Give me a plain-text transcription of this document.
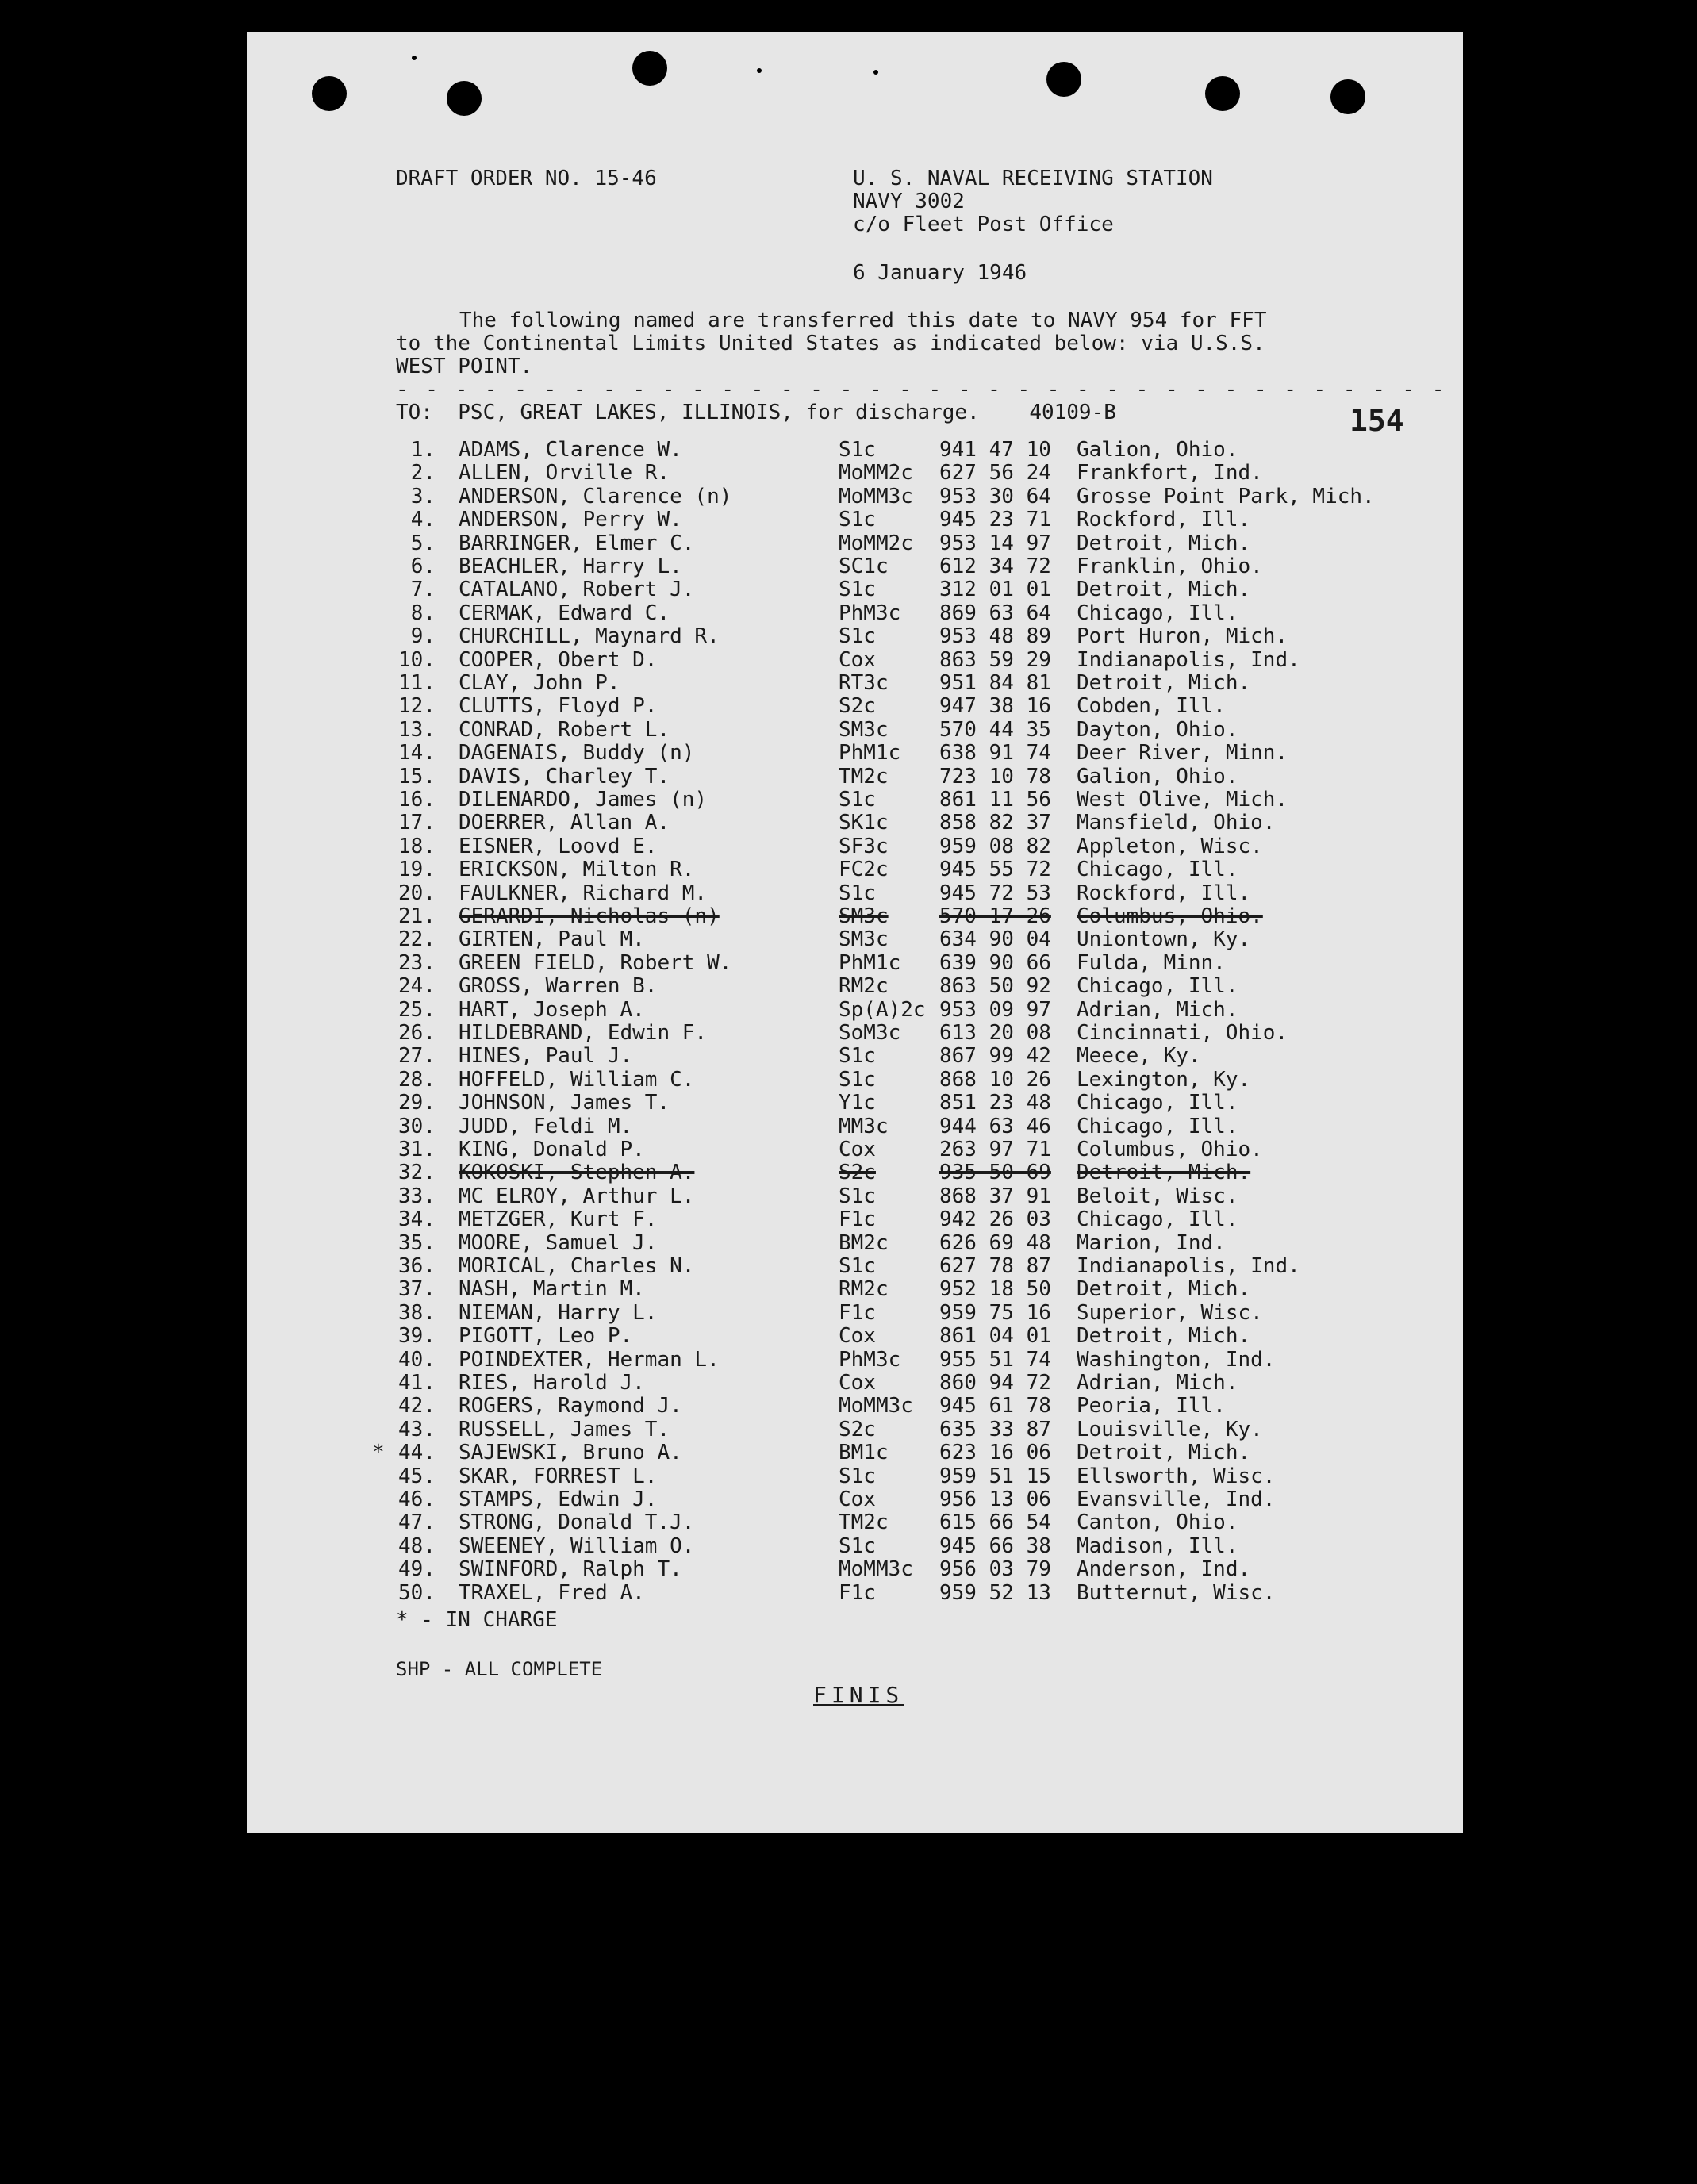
DRAFT ORDER NO. 15-46	U. S. NAVAL RECEIVING STATION
NAVY 3002
c/o Fleet Post Office
6 January 1946
The following named are transferred this date to NAVY 954 for FFT
to the Continental Limits United States as indicated below: via U.S.S.
WEST POINT.
- - - - - - - - - - - - - - - - - - - - - - - - - - - - - - - - - - - -
TO:  PSC, GREAT LAKES, ILLINOIS, for discharge.    40109-B	154
1. ADAMS, Clarence W.	S1c	941 47 10 Galion, Ohio.
2. ALLEN, Orville R.	MoMM2c 627 56 24 Frankfort, Ind.
3. ANDERSON, Clarence (n)	MoMM3c 953 30 64 Grosse Point Park, Mich.
4. ANDERSON, Perry W.	S1c	945 23 71 Rockford, Ill.
5. BARRINGER, Elmer C.	MoMM2c 953 14 97 Detroit, Mich.
6. BEACHLER, Harry L.	SC1c 612 34 72 Franklin, Ohio.
7. CATALANO, Robert J.	S1c	312 01 01 Detroit, Mich.
8. CERMAK, Edward C.	PhM3c 869 63 64 Chicago, Ill.
9. CHURCHILL, Maynard R.	S1c	953 48 89 Port Huron, Mich.
10. COOPER, Obert D.	Cox	863 59 29 Indianapolis, Ind.
11. CLAY, John P.	RT3c 951 84 81 Detroit, Mich.
12. CLUTTS, Floyd P.	S2c	947 38 16 Cobden, Ill.
13. CONRAD, Robert L.	SM3c 570 44 35 Dayton, Ohio.
14. DAGENAIS, Buddy (n)	PhM1c 638 91 74 Deer River, Minn.
15. DAVIS, Charley T.	TM2c 723 10 78 Galion, Ohio.
16. DILENARDO, James (n)	S1c	861 11 56 West Olive, Mich.
17. DOERRER, Allan A.	SK1c 858 82 37 Mansfield, Ohio.
18. EISNER, Loovd E.	SF3c 959 08 82 Appleton, Wisc.
19. ERICKSON, Milton R.	FC2c 945 55 72 Chicago, Ill.
20. FAULKNER, Richard M.	S1c	945 72 53 Rockford, Ill.
21. GERARDI, Nicholas (n)	SM3c 570 17 26 Columbus, Ohio.
22. GIRTEN, Paul M.	SM3c 634 90 04 Uniontown, Ky.
23. GREEN FIELD, Robert W.	PhM1c 639 90 66 Fulda, Minn.
24. GROSS, Warren B.	RM2c 863 50 92 Chicago, Ill.
25. HART, Joseph A.	Sp(A)2c 953 09 97 Adrian, Mich.
26. HILDEBRAND, Edwin F.	SoM3c 613 20 08 Cincinnati, Ohio.
27. HINES, Paul J.	S1c	867 99 42 Meece, Ky.
28. HOFFELD, William C.	S1c	868 10 26 Lexington, Ky.
29. JOHNSON, James T.	Y1c	851 23 48 Chicago, Ill.
30. JUDD, Feldi M.	MM3c 944 63 46 Chicago, Ill.
31. KING, Donald P.	Cox	263 97 71 Columbus, Ohio.
32. KOKOSKI, Stephen A.	S2c	935 50 69 Detroit, Mich.
33. MC ELROY, Arthur L.	S1c	868 37 91 Beloit, Wisc.
34. METZGER, Kurt F.	F1c	942 26 03 Chicago, Ill.
35. MOORE, Samuel J.	BM2c 626 69 48 Marion, Ind.
36. MORICAL, Charles N.	S1c	627 78 87 Indianapolis, Ind.
37. NASH, Martin M.	RM2c 952 18 50 Detroit, Mich.
38. NIEMAN, Harry L.	F1c	959 75 16 Superior, Wisc.
39. PIGOTT, Leo P.	Cox	861 04 01 Detroit, Mich.
40. POINDEXTER, Herman L.	PhM3c 955 51 74 Washington, Ind.
41. RIES, Harold J.	Cox	860 94 72 Adrian, Mich.
42. ROGERS, Raymond J.	MoMM3c 945 61 78 Peoria, Ill.
43. RUSSELL, James T.	S2c	635 33 87 Louisville, Ky.
* 44. SAJEWSKI, Bruno A.	BM1c 623 16 06 Detroit, Mich.
45. SKAR, FORREST L.	S1c	959 51 15 Ellsworth, Wisc.
46. STAMPS, Edwin J.	Cox	956 13 06 Evansville, Ind.
47. STRONG, Donald T.J.	TM2c 615 66 54 Canton, Ohio.
48. SWEENEY, William O.	S1c	945 66 38 Madison, Ill.
49. SWINFORD, Ralph T.	MoMM3c 956 03 79 Anderson, Ind.
50. TRAXEL, Fred A.	F1c	959 52 13 Butternut, Wisc.
* - IN CHARGE
SHP - ALL COMPLETE
FINIS
